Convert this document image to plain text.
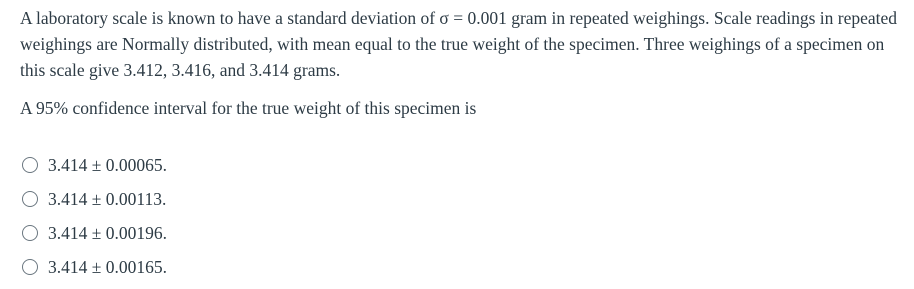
A laboratory scale is known to have a standard deviation of σ = 0.001 gram in repeated weighings. Scale readings in repeated weighings are Normally distributed, with mean equal to the true weight of the specimen. Three weighings of a specimen on this scale give 3.412, 3.416, and 3.414 grams.

A 95% confidence interval for the true weight of this specimen is

3.414 ± 0.00065.
3.414 ± 0.00113.
3.414 ± 0.00196.
3.414 ± 0.00165.
